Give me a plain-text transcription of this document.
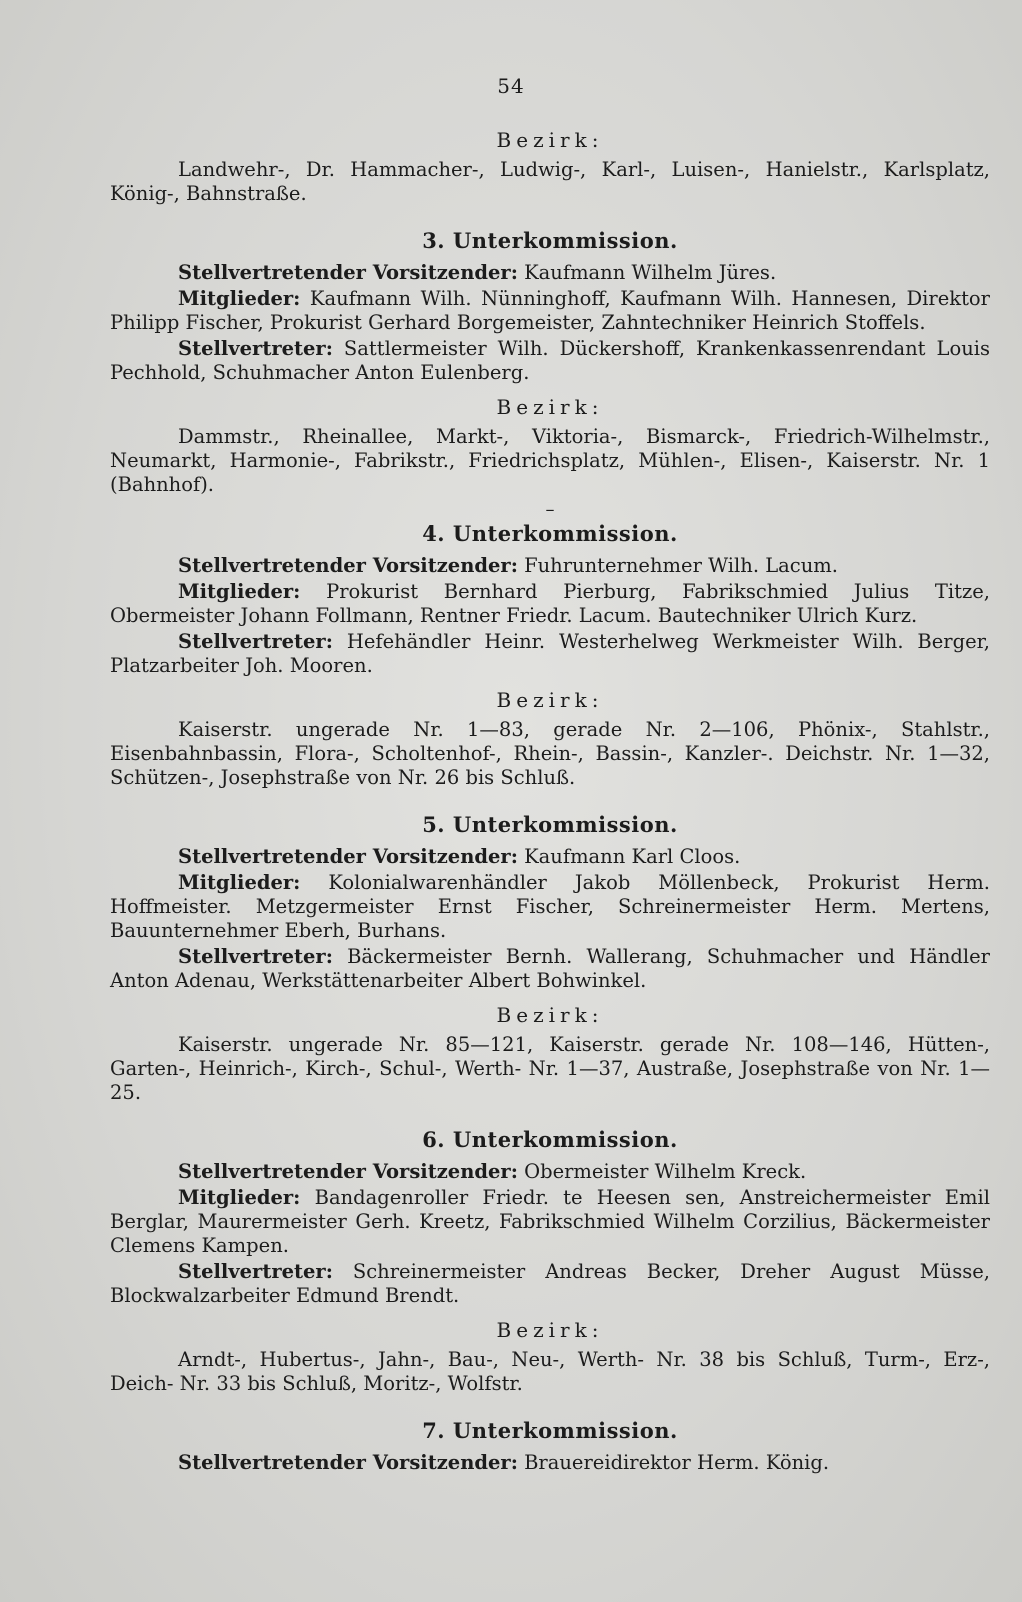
54
Bezirk:
Landwehr-, Dr. Hammacher-, Ludwig-, Karl-, Luisen-, Hanielstr., Karlsplatz, König-, Bahnstraße.
3. Unterkommission.
Stellvertretender Vorsitzender: Kaufmann Wilhelm Jüres.
Mitglieder: Kaufmann Wilh. Nünninghoff, Kaufmann Wilh. Hannesen, Direktor Philipp Fischer, Prokurist Gerhard Borgemeister, Zahntechniker Heinrich Stoffels.
Stellvertreter: Sattlermeister Wilh. Dückershoff, Krankenkassenrendant Louis Pechhold, Schuhmacher Anton Eulenberg.
Bezirk:
Dammstr., Rheinallee, Markt-, Viktoria-, Bismarck-, Friedrich-Wilhelmstr., Neumarkt, Harmonie-, Fabrikstr., Friedrichsplatz, Mühlen-, Elisen-, Kaiserstr. Nr. 1 (Bahnhof).
–
4. Unterkommission.
Stellvertretender Vorsitzender: Fuhrunternehmer Wilh. Lacum.
Mitglieder: Prokurist Bernhard Pierburg, Fabrikschmied Julius Titze, Obermeister Johann Follmann, Rentner Friedr. Lacum. Bautechniker Ulrich Kurz.
Stellvertreter: Hefehändler Heinr. Westerhelweg Werkmeister Wilh. Berger, Platzarbeiter Joh. Mooren.
Bezirk:
Kaiserstr. ungerade Nr. 1—83, gerade Nr. 2—106, Phönix-, Stahlstr., Eisenbahnbassin, Flora-, Scholtenhof-, Rhein-, Bassin-, Kanzler-. Deichstr. Nr. 1—32, Schützen-, Josephstraße von Nr. 26 bis Schluß.
5. Unterkommission.
Stellvertretender Vorsitzender: Kaufmann Karl Cloos.
Mitglieder: Kolonialwarenhändler Jakob Möllenbeck, Prokurist Herm. Hoffmeister. Metzgermeister Ernst Fischer, Schreinermeister Herm. Mertens, Bauunternehmer Eberh, Burhans.
Stellvertreter: Bäckermeister Bernh. Wallerang, Schuhmacher und Händler Anton Adenau, Werkstättenarbeiter Albert Bohwinkel.
Bezirk:
Kaiserstr. ungerade Nr. 85—121, Kaiserstr. gerade Nr. 108—146, Hütten-, Garten-, Heinrich-, Kirch-, Schul-, Werth- Nr. 1—37, Austraße, Josephstraße von Nr. 1—25.
6. Unterkommission.
Stellvertretender Vorsitzender: Obermeister Wilhelm Kreck.
Mitglieder: Bandagenroller Friedr. te Heesen sen, Anstreichermeister Emil Berglar, Maurermeister Gerh. Kreetz, Fabrikschmied Wilhelm Corzilius, Bäckermeister Clemens Kampen.
Stellvertreter: Schreinermeister Andreas Becker, Dreher August Müsse, Blockwalzarbeiter Edmund Brendt.
Bezirk:
Arndt-, Hubertus-, Jahn-, Bau-, Neu-, Werth- Nr. 38 bis Schluß, Turm-, Erz-, Deich- Nr. 33 bis Schluß, Moritz-, Wolfstr.
7. Unterkommission.
Stellvertretender Vorsitzender: Brauereidirektor Herm. König.
